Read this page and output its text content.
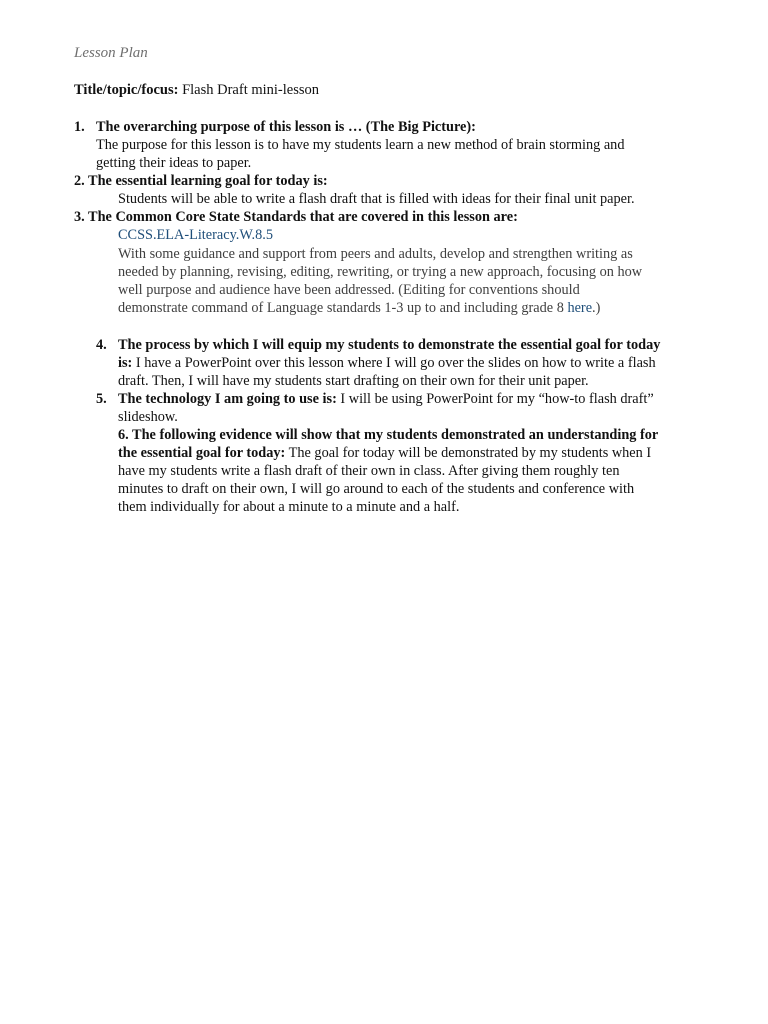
Lesson Plan
Title/topic/focus: Flash Draft mini-lesson
1. The overarching purpose of this lesson is … (The Big Picture):
The purpose for this lesson is to have my students learn a new method of brain storming and
getting their ideas to paper.
2. The essential learning goal for today is:
Students will be able to write a flash draft that is filled with ideas for their final unit paper.
3. The Common Core State Standards that are covered in this lesson are:
CCSS.ELA-Literacy.W.8.5
With some guidance and support from peers and adults, develop and strengthen writing as
needed by planning, revising, editing, rewriting, or trying a new approach, focusing on how
well purpose and audience have been addressed. (Editing for conventions should
demonstrate command of Language standards 1-3 up to and including grade 8 here.)
4. The process by which I will equip my students to demonstrate the essential goal for today
is: I have a PowerPoint over this lesson where I will go over the slides on how to write a flash
draft. Then, I will have my students start drafting on their own for their unit paper.
5. The technology I am going to use is: I will be using PowerPoint for my “how-to flash draft”
slideshow.
6. The following evidence will show that my students demonstrated an understanding for
the essential goal for today: The goal for today will be demonstrated by my students when I
have my students write a flash draft of their own in class. After giving them roughly ten
minutes to draft on their own, I will go around to each of the students and conference with
them individually for about a minute to a minute and a half.
